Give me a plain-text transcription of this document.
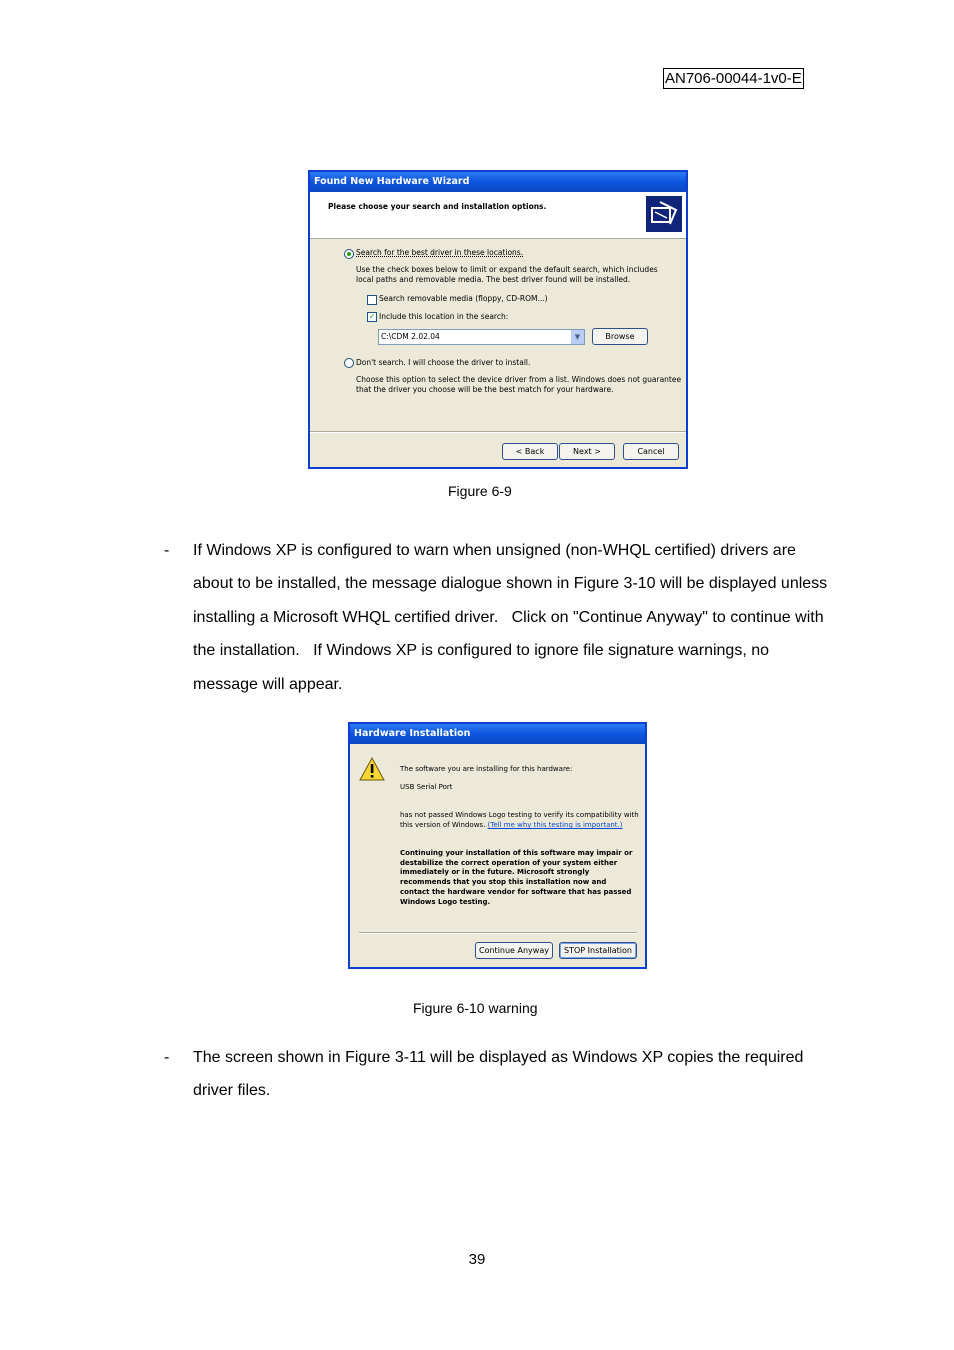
AN706-00044-1v0-E
Found New Hardware Wizard
Please choose your search and installation options.
Search for the best driver in these locations.
Use the check boxes below to limit or expand the default search, which includes local paths and removable media. The best driver found will be installed.
Search removable media (floppy, CD-ROM...)
✓ Include this location in the search:
C:\CDM 2.02.04	▼	Browse
Don't search. I will choose the driver to install.
Choose this option to select the device driver from a list. Windows does not guarantee that the driver you choose will be the best match for your hardware.
< Back	Next >	Cancel
Figure 6-9
- If Windows XP is configured to warn when unsigned (non-WHQL certified) drivers are about to be installed, the message dialogue shown in Figure 3-10 will be displayed unless installing a Microsoft WHQL certified driver.   Click on "Continue Anyway" to continue with the installation.   If Windows XP is configured to ignore file signature warnings, no message will appear.
Hardware Installation
The software you are installing for this hardware:
USB Serial Port
has not passed Windows Logo testing to verify its compatibility with this version of Windows. (Tell me why this testing is important.)
Continuing your installation of this software may impair or destabilize the correct operation of your system either immediately or in the future. Microsoft strongly recommends that you stop this installation now and contact the hardware vendor for software that has passed Windows Logo testing.
Continue Anyway	STOP Installation
Figure 6-10 warning
- The screen shown in Figure 3-11 will be displayed as Windows XP copies the required driver files.
39
